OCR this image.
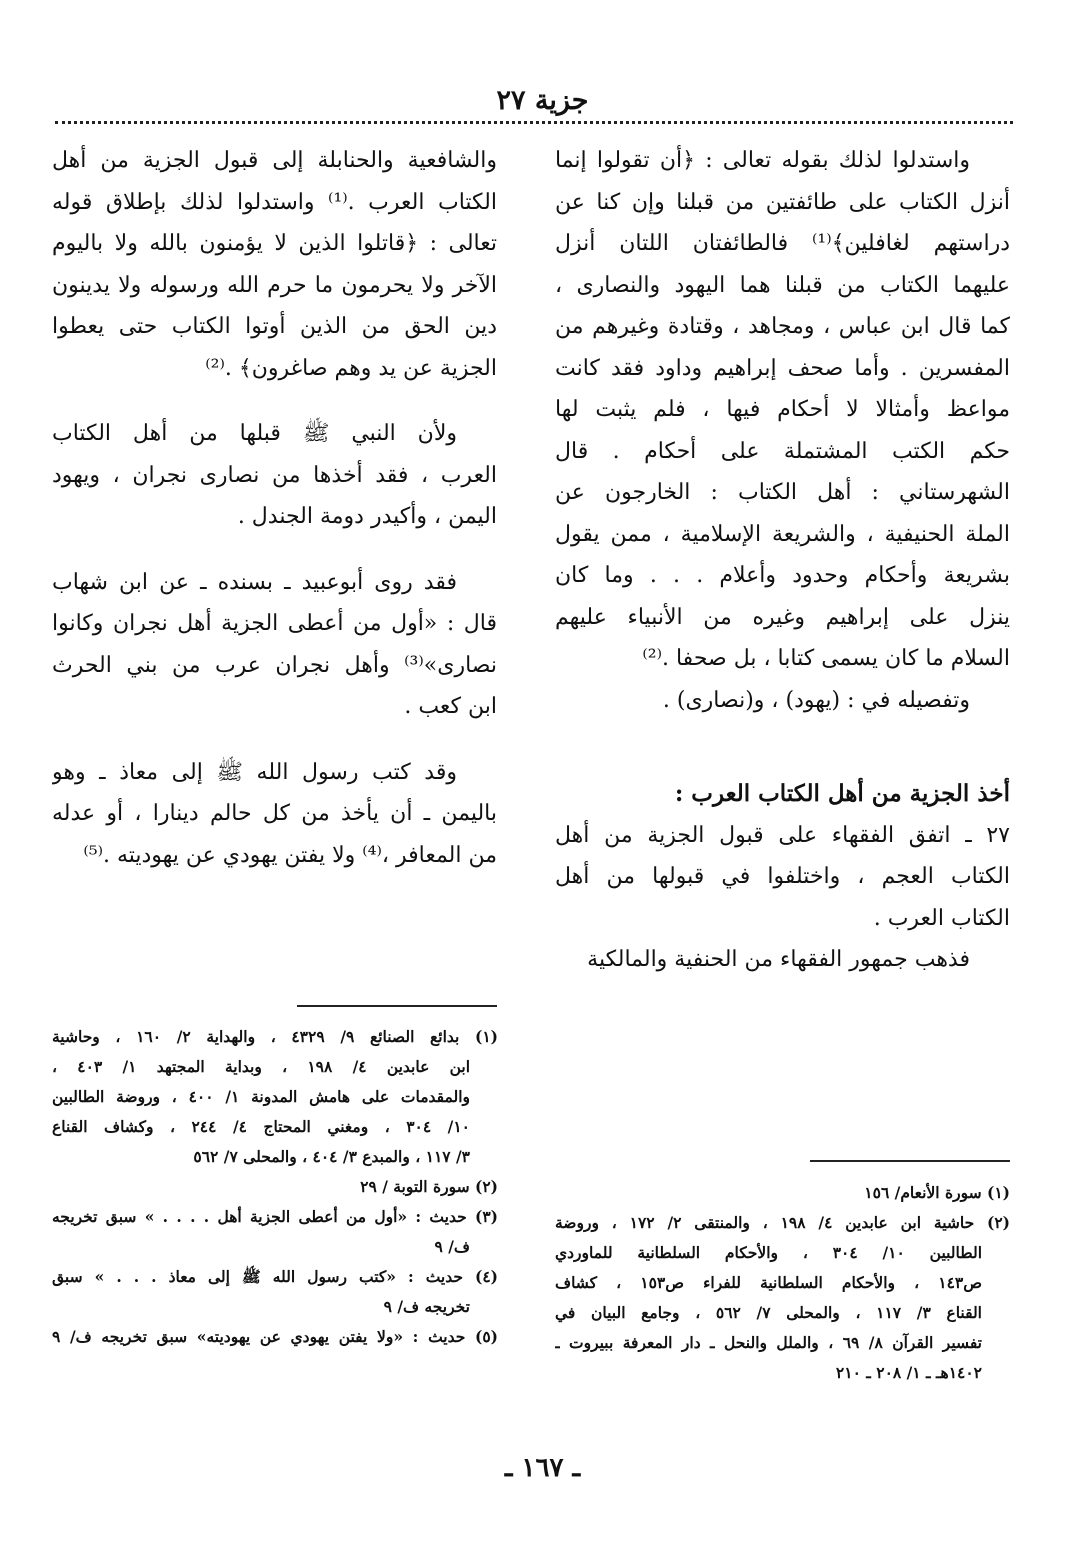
جزية ٢٧
واستدلوا لذلك بقوله تعالى : ﴿أن تقولوا إنما
أنزل الكتاب على طائفتين من قبلنا وإن كنا عن
دراستهم لغافلين﴾⁽¹⁾ فالطائفتان اللتان أنزل
عليهما الكتاب من قبلنا هما اليهود والنصارى ،
كما قال ابن عباس ، ومجاهد ، وقتادة وغيرهم من
المفسرين . وأما صحف إبراهيم وداود فقد كانت
مواعظ وأمثالا لا أحكام فيها ، فلم يثبت لها
حكم الكتب المشتملة على أحكام . قال
الشهرستاني : أهل الكتاب : الخارجون عن
الملة الحنيفية ، والشريعة الإسلامية ، ممن يقول
بشريعة وأحكام وحدود وأعلام . . . وما كان
ينزل على إبراهيم وغيره من الأنبياء عليهم
السلام ما كان يسمى كتابا ، بل صحفا .⁽²⁾
وتفصيله في : (يهود) ، و(نصارى) .
أخذ الجزية من أهل الكتاب العرب :
٢٧ ـ اتفق الفقهاء على قبول الجزية من أهل
الكتاب العجم ، واختلفوا في قبولها من أهل
الكتاب العرب .
فذهب جمهور الفقهاء من الحنفية والمالكية
والشافعية والحنابلة إلى قبول الجزية من أهل
الكتاب العرب .⁽¹⁾ واستدلوا لذلك بإطلاق قوله
تعالى : ﴿قاتلوا الذين لا يؤمنون بالله ولا باليوم
الآخر ولا يحرمون ما حرم الله ورسوله ولا يدينون
دين الحق من الذين أوتوا الكتاب حتى يعطوا
الجزية عن يد وهم صاغرون﴾ .⁽²⁾
ولأن النبي ﷺ قبلها من أهل الكتاب
العرب ، فقد أخذها من نصارى نجران ، ويهود
اليمن ، وأكيدر دومة الجندل .
فقد روى أبوعبيد ـ بسنده ـ عن ابن شهاب
قال : «أول من أعطى الجزية أهل نجران وكانوا
نصارى»⁽³⁾ وأهل نجران عرب من بني الحرث
ابن كعب .
وقد كتب رسول الله ﷺ إلى معاذ ـ وهو
باليمن ـ أن يأخذ من كل حالم دينارا ، أو عدله
من المعافر ،⁽⁴⁾ ولا يفتن يهودي عن يهوديته .⁽⁵⁾
(١) بدائع الصنائع ٩/ ٤٣٢٩ ، والهداية ٢/ ١٦٠ ، وحاشية
ابن عابدين ٤/ ١٩٨ ، وبداية المجتهد ١/ ٤٠٣ ،
والمقدمات على هامش المدونة ١/ ٤٠٠ ، وروضة الطالبين
١٠/ ٣٠٤ ، ومغني المحتاج ٤/ ٢٤٤ ، وكشاف القناع
٣/ ١١٧ ، والمبدع ٣/ ٤٠٤ ، والمحلى ٧/ ٥٦٢
(٢) سورة التوبة / ٢٩
(٣) حديث : «أول من أعطى الجزية أهل . . . . » سبق تخريجه
ف/ ٩
(٤) حديث : «كتب رسول الله ﷺ إلى معاذ . . . » سبق
تخريجه ف/ ٩
(٥) حديث : «ولا يفتن يهودي عن يهوديته» سبق تخريجه ف/ ٩
(١) سورة الأنعام/ ١٥٦
(٢) حاشية ابن عابدين ٤/ ١٩٨ ، والمنتقى ٢/ ١٧٢ ، وروضة
الطالبين ١٠/ ٣٠٤ ، والأحكام السلطانية للماوردي
ص١٤٣ ، والأحكام السلطانية للفراء ص١٥٣ ، كشاف
القناع ٣/ ١١٧ ، والمحلى ٧/ ٥٦٢ ، وجامع البيان في
تفسير القرآن ٨/ ٦٩ ، والملل والنحل ـ دار المعرفة ببيروت ـ
١٤٠٢هـ ـ ١/ ٢٠٨ ـ ٢١٠
ـ ١٦٧ ـ
